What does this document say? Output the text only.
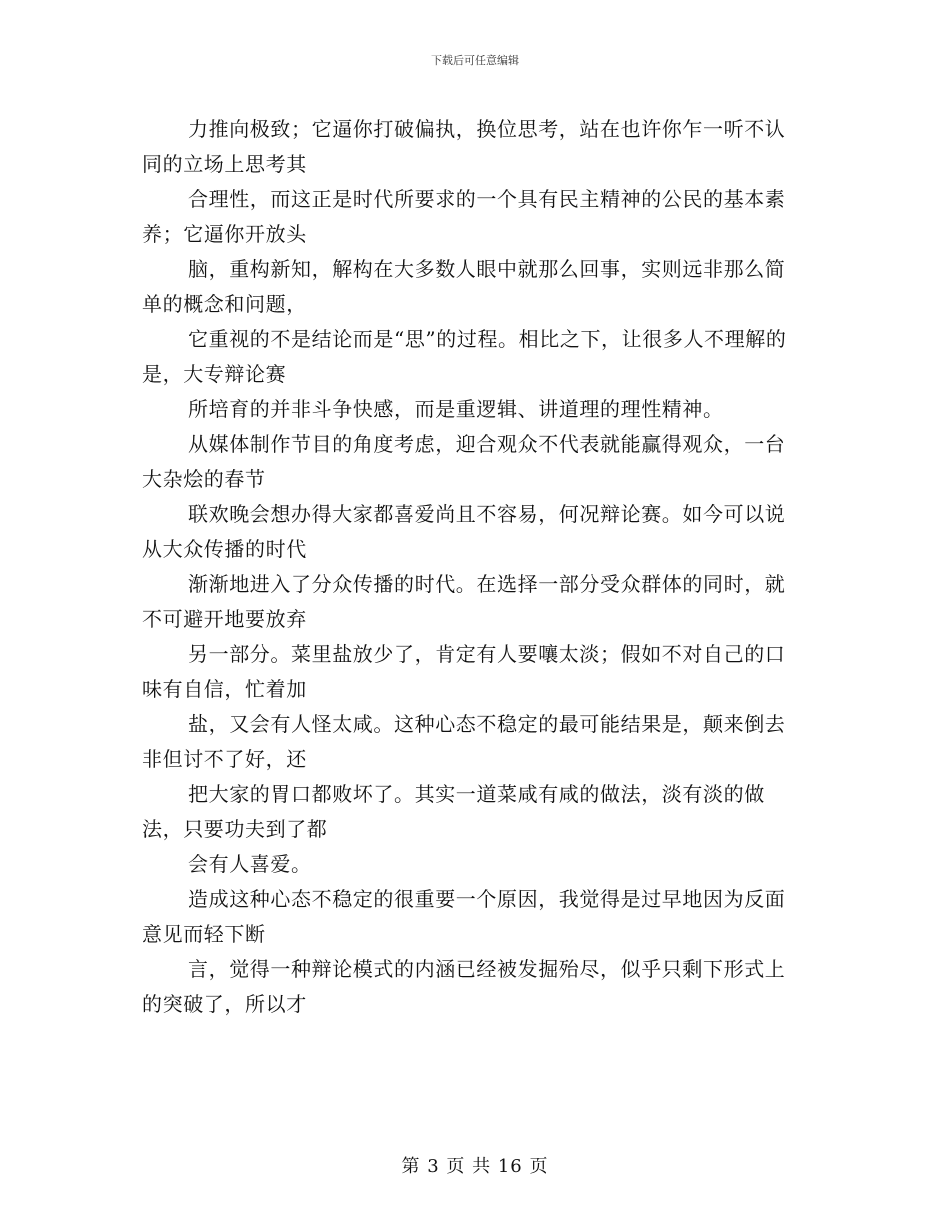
下载后可任意编辑

力推向极致；它逼你打破偏执，换位思考，站在也许你乍一听不认同的立场上思考其

合理性，而这正是时代所要求的一个具有民主精神的公民的基本素养；它逼你开放头

脑，重构新知，解构在大多数人眼中就那么回事，实则远非那么简单的概念和问题，

它重视的不是结论而是“思”的过程。相比之下，让很多人不理解的是，大专辩论赛

所培育的并非斗争快感，而是重逻辑、讲道理的理性精神。

从媒体制作节目的角度考虑，迎合观众不代表就能赢得观众，一台大杂烩的春节

联欢晚会想办得大家都喜爱尚且不容易，何况辩论赛。如今可以说从大众传播的时代

渐渐地进入了分众传播的时代。在选择一部分受众群体的同时，就不可避开地要放弃

另一部分。菜里盐放少了，肯定有人要嚷太淡；假如不对自己的口味有自信，忙着加

盐，又会有人怪太咸。这种心态不稳定的最可能结果是，颠来倒去非但讨不了好，还

把大家的胃口都败坏了。其实一道菜咸有咸的做法，淡有淡的做法，只要功夫到了都

会有人喜爱。

造成这种心态不稳定的很重要一个原因，我觉得是过早地因为反面意见而轻下断

言，觉得一种辩论模式的内涵已经被发掘殆尽，似乎只剩下形式上的突破了，所以才

第 3 页 共 16 页
